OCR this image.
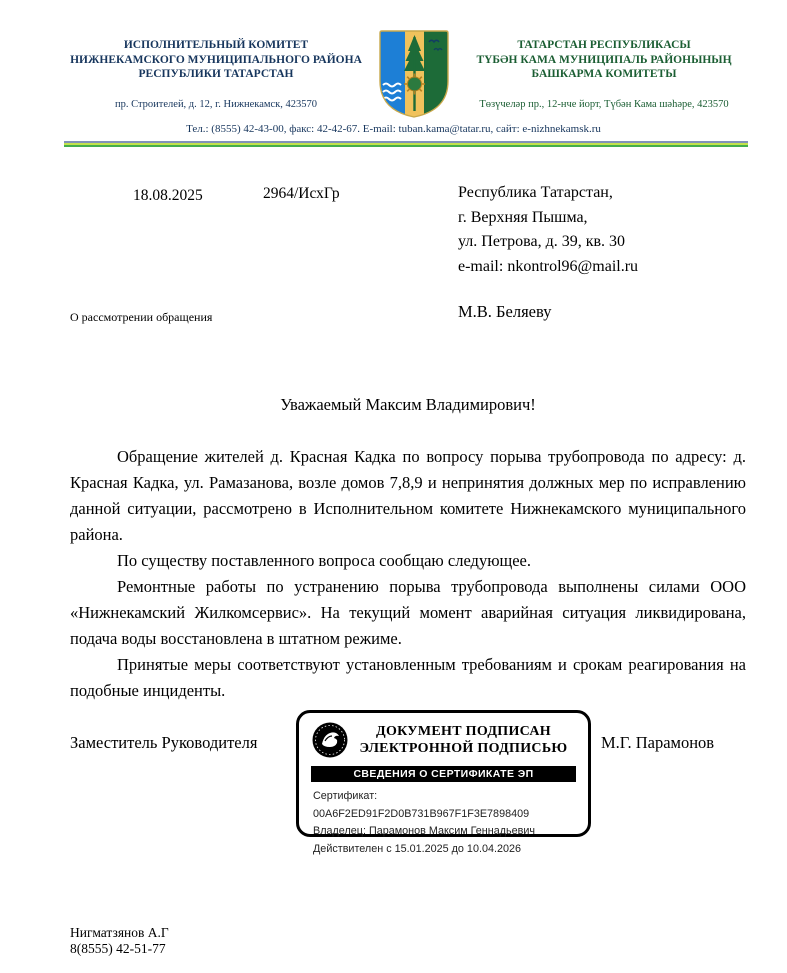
ИСПОЛНИТЕЛЬНЫЙ КОМИТЕТ
НИЖНЕКАМСКОГО МУНИЦИПАЛЬНОГО РАЙОНА
РЕСПУБЛИКИ ТАТАРСТАН
пр. Строителей, д. 12, г. Нижнекамск, 423570
ТАТАРСТАН РЕСПУБЛИКАСЫ
ТҮБӘН КАМА МУНИЦИПАЛЬ РАЙОНЫНЫҢ
БАШКАРМА КОМИТЕТЫ
Төзүчеләр пр., 12-нче йорт, Түбән Кама шәһәре, 423570
Тел.: (8555) 42-43-00, факс: 42-42-67. E-mail: tuban.kama@tatar.ru, сайт: e-nizhnekamsk.ru
18.08.2025	2964/ИсхГр	Республика Татарстан,
г. Верхняя Пышма,
ул. Петрова, д. 39, кв. 30
e-mail: nkontrol96@mail.ru
О рассмотрении обращения	М.В. Беляеву

Уважаемый Максим Владимирович!

Обращение жителей д. Красная Кадка по вопросу порыва трубопровода по адресу: д. Красная Кадка, ул. Рамазанова, возле домов 7,8,9 и непринятия должных мер по исправлению данной ситуации, рассмотрено в Исполнительном комитете Нижнекамского муниципального района.

По существу поставленного вопроса сообщаю следующее.

Ремонтные работы по устранению порыва трубопровода выполнены силами ООО «Нижнекамский Жилкомсервис». На текущий момент аварийная ситуация ликвидирована, подача воды восстановлена в штатном режиме.

Принятые меры соответствуют установленным требованиям и срокам реагирования на подобные инциденты.

Заместитель Руководителя
ДОКУМЕНТ ПОДПИСАН
ЭЛЕКТРОННОЙ ПОДПИСЬЮ
СВЕДЕНИЯ О СЕРТИФИКАТЕ ЭП
Сертификат: 00A6F2ED91F2D0B731B967F1F3E7898409
Владелец: Парамонов Максим Геннадьевич
Действителен с 15.01.2025 до 10.04.2026
М.Г. Парамонов
Нигматзянов А.Г
8(8555) 42-51-77
